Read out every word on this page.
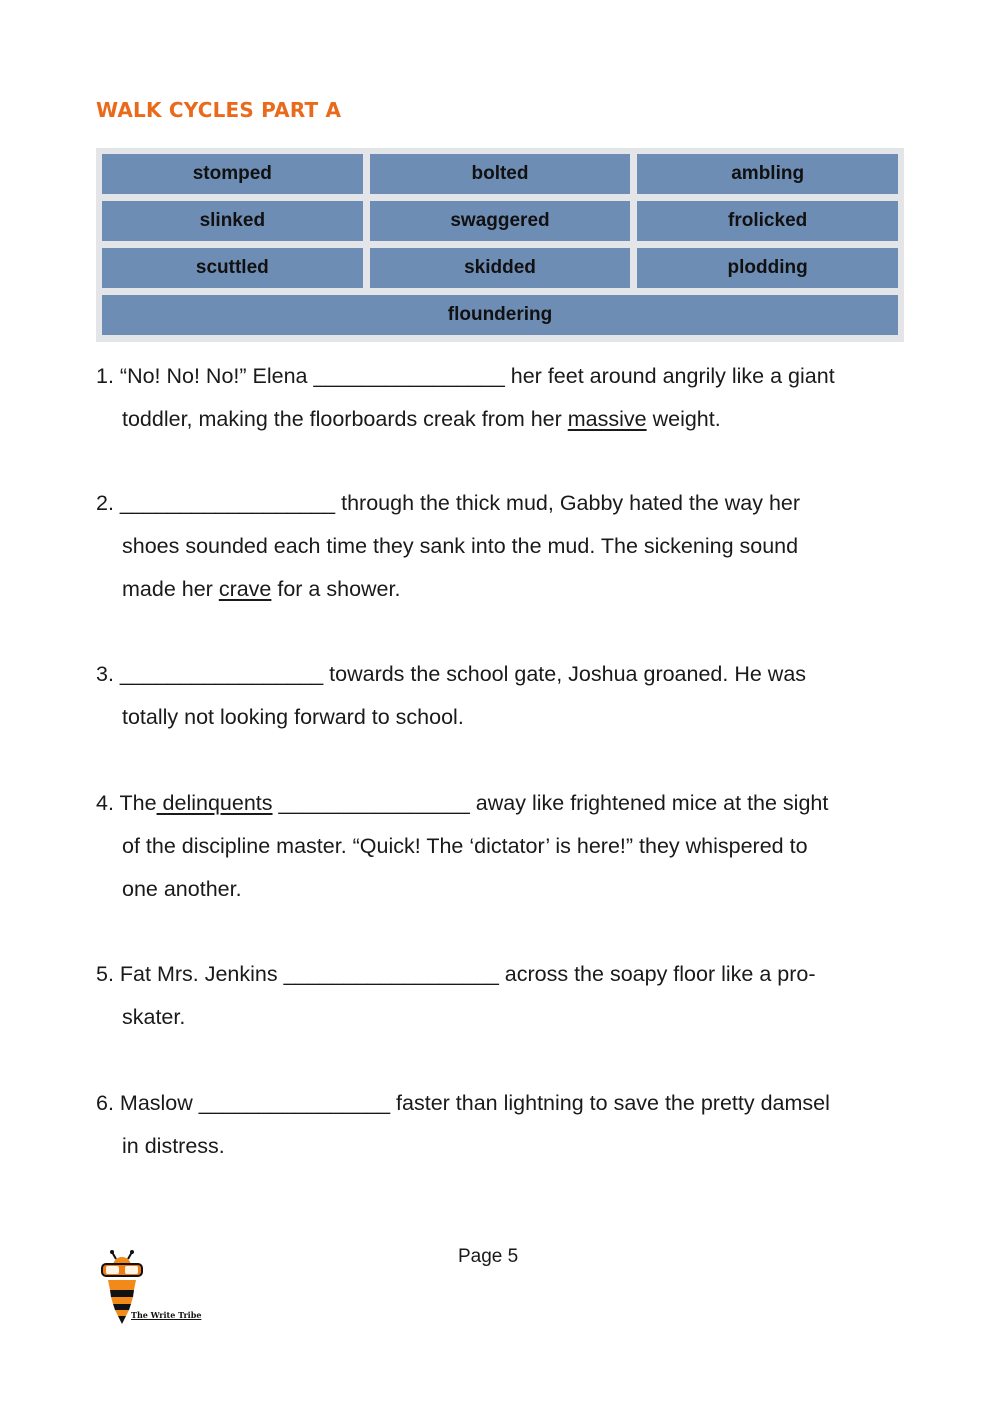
WALK CYCLES PART A
stomped	bolted	ambling
slinked	swaggered	frolicked
scuttled	skidded	plodding
floundering
1. “No! No! No!” Elena ________________ her feet around angrily like a giant
toddler, making the floorboards creak from her massive weight.
2. __________________ through the thick mud, Gabby hated the way her
shoes sounded each time they sank into the mud. The sickening sound
made her crave for a shower.
3. _________________ towards the school gate, Joshua groaned. He was
totally not looking forward to school.
4. The delinquents ________________ away like frightened mice at the sight
of the discipline master. “Quick! The ‘dictator’ is here!” they whispered to
one another.
5. Fat Mrs. Jenkins __________________ across the soapy floor like a pro-
skater.
6. Maslow ________________ faster than lightning to save the pretty damsel
in distress.
Page 5
The Write Tribe
